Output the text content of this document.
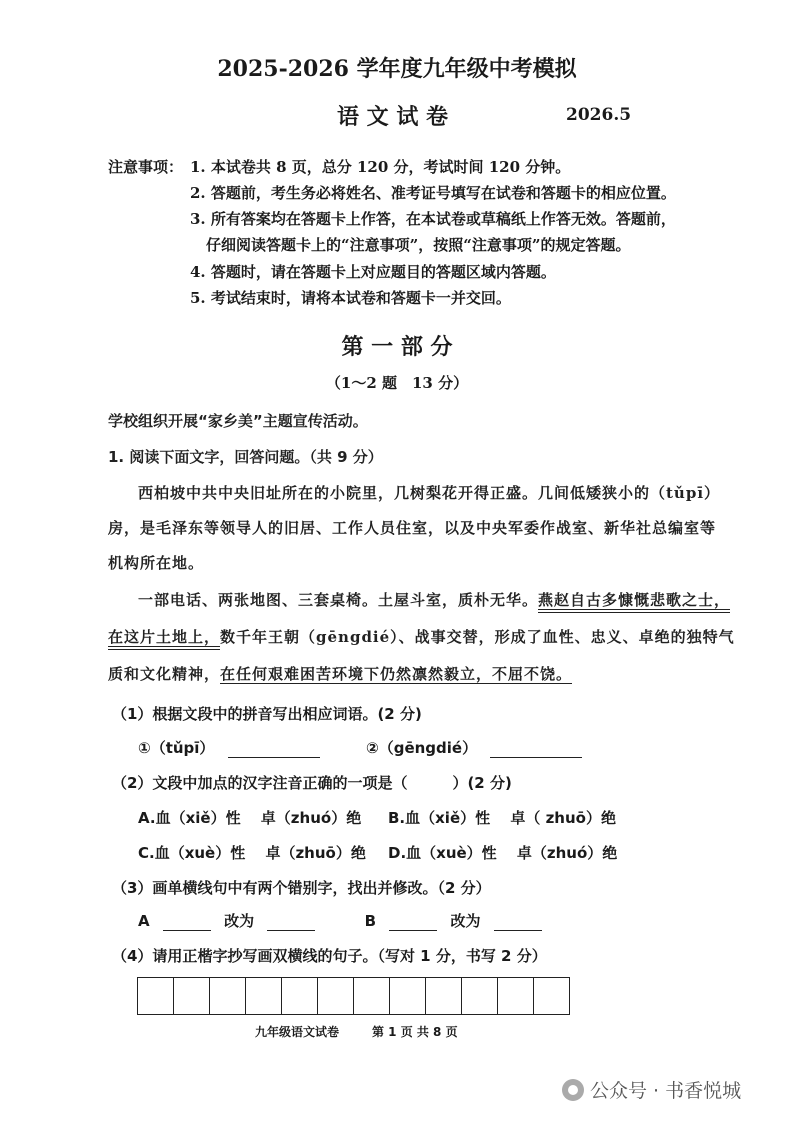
2025-2026 学年度九年级中考模拟
语 文 试 卷	2026.5
注意事项： 1. 本试卷共 8 页，总分 120 分，考试时间 120 分钟。
2. 答题前，考生务必将姓名、准考证号填写在试卷和答题卡的相应位置。
3. 所有答案均在答题卡上作答，在本试卷或草稿纸上作答无效。答题前，
仔细阅读答题卡上的“注意事项”，按照“注意事项”的规定答题。
4. 答题时，请在答题卡上对应题目的答题区域内答题。
5. 考试结束时，请将本试卷和答题卡一并交回。
第 一 部 分
（1～2 题　13 分）
学校组织开展“家乡美”主题宣传活动。
1. 阅读下面文字，回答问题。（共 9 分）
西柏坡中共中央旧址所在的小院里，几树梨花开得正盛。几间低矮狭小的（tǔpī）
房，是毛泽东等领导人的旧居、工作人员住室，以及中央军委作战室、新华社总编室等
机构所在地。
一部电话、两张地图、三套桌椅。土屋斗室，质朴无华。燕赵自古多慷慨悲歌之士，
在这片土地上，数千年王朝（gēngdié）、战事交替，形成了血性、忠义、卓绝的独特气
质和文化精神，在任何艰难困苦环境下仍然凛然毅立，不屈不饶。
（1）根据文段中的拼音写出相应词语。(2 分)
①（tǔpī）	②（gēngdié）
（2）文段中加点的汉字注音正确的一项是（　　　）(2 分)
A.血（xiě）性　 卓（zhuó）绝 B.血（xiě）性　 卓（ zhuō）绝
C.血（xuè）性　 卓（zhuō）绝 D.血（xuè）性　 卓（zhuó）绝
（3）画单横线句中有两个错别字，找出并修改。（2 分）
A	改为	B	改为
（4）请用正楷字抄写画双横线的句子。（写对 1 分，书写 2 分）
九年级语文试卷	第 1 页 共 8 页
公众号 · 书香悦城
